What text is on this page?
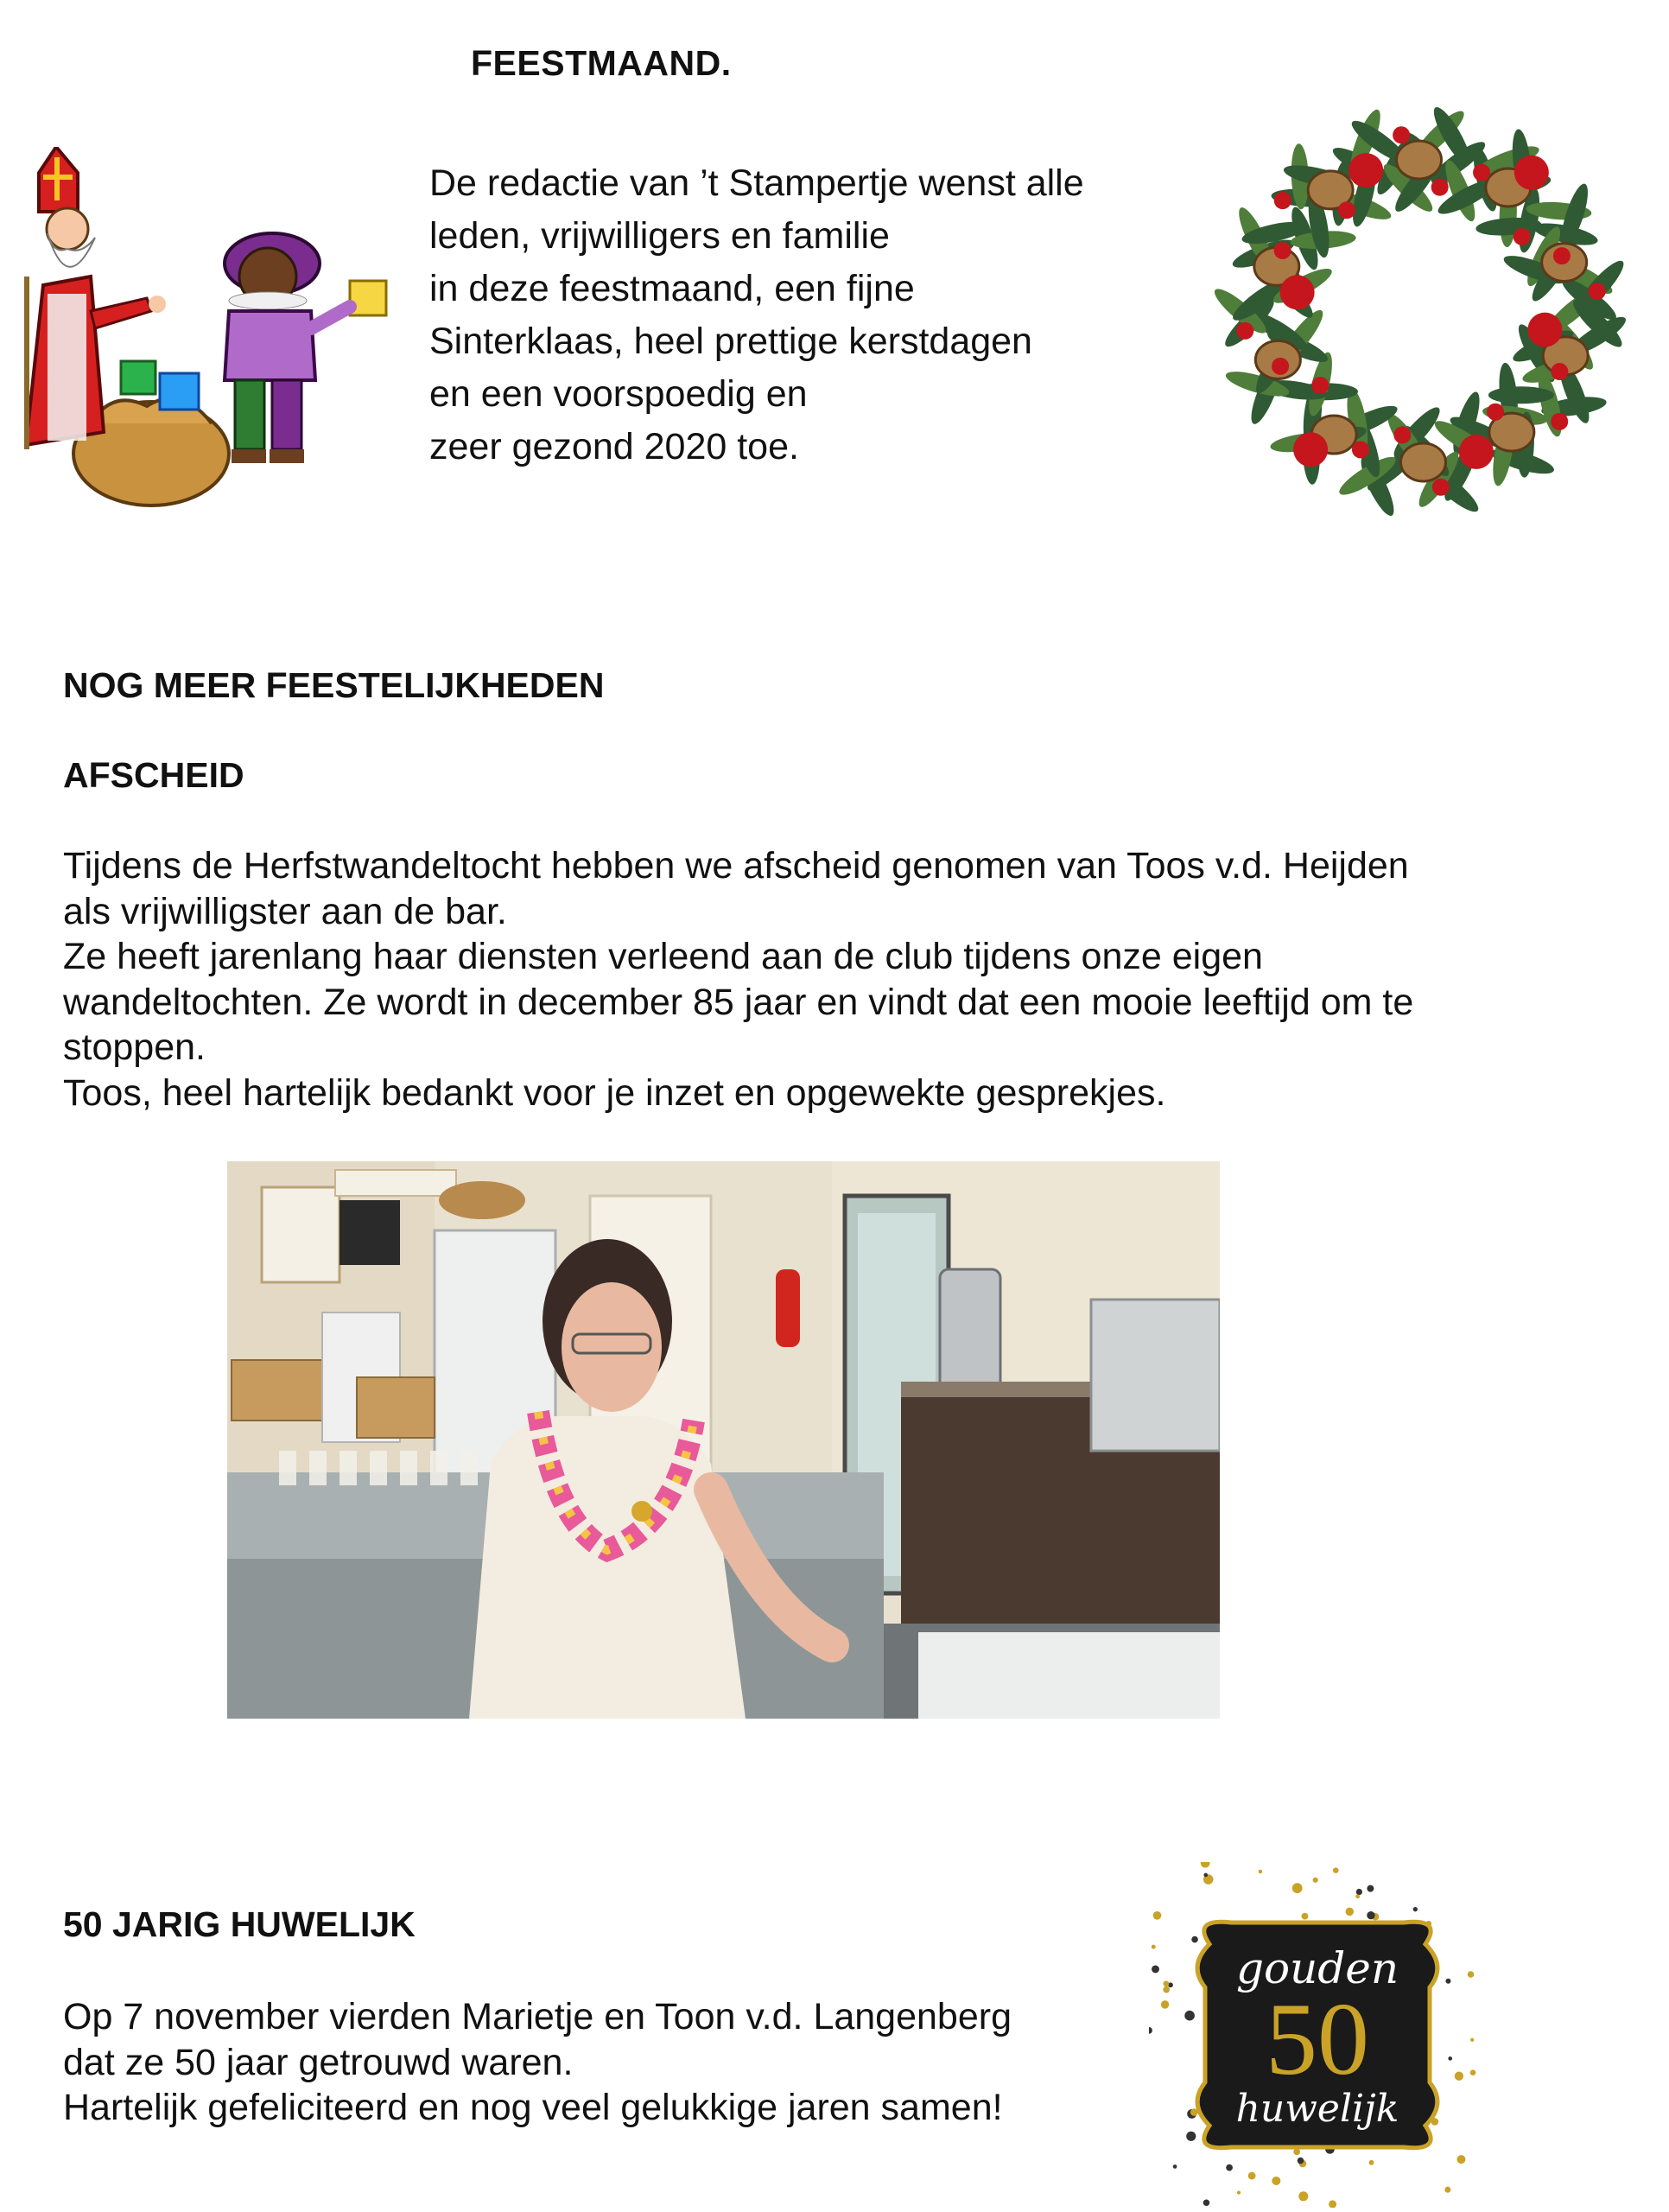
FEESTMAAND.
De redactie van ’t Stampertje wenst alle
leden, vrijwilligers en familie
in deze feestmaand, een fijne
Sinterklaas, heel prettige kerstdagen
en een voorspoedig en
zeer gezond 2020 toe.
NOG MEER FEESTELIJKHEDEN
AFSCHEID
Tijdens de Herfstwandeltocht hebben we afscheid genomen van Toos v.d. Heijden
als vrijwilligster aan de bar.
Ze heeft jarenlang haar diensten verleend aan de club tijdens onze eigen
wandeltochten. Ze wordt in december 85 jaar en vindt dat een mooie leeftijd om te
stoppen.
Toos, heel hartelijk bedankt voor je inzet en opgewekte gesprekjes.
50 JARIG HUWELIJK
Op 7 november vierden Marietje en Toon v.d. Langenberg
dat ze 50 jaar getrouwd waren.
Hartelijk gefeliciteerd en nog veel gelukkige jaren samen!
gouden
50
huwelijk
